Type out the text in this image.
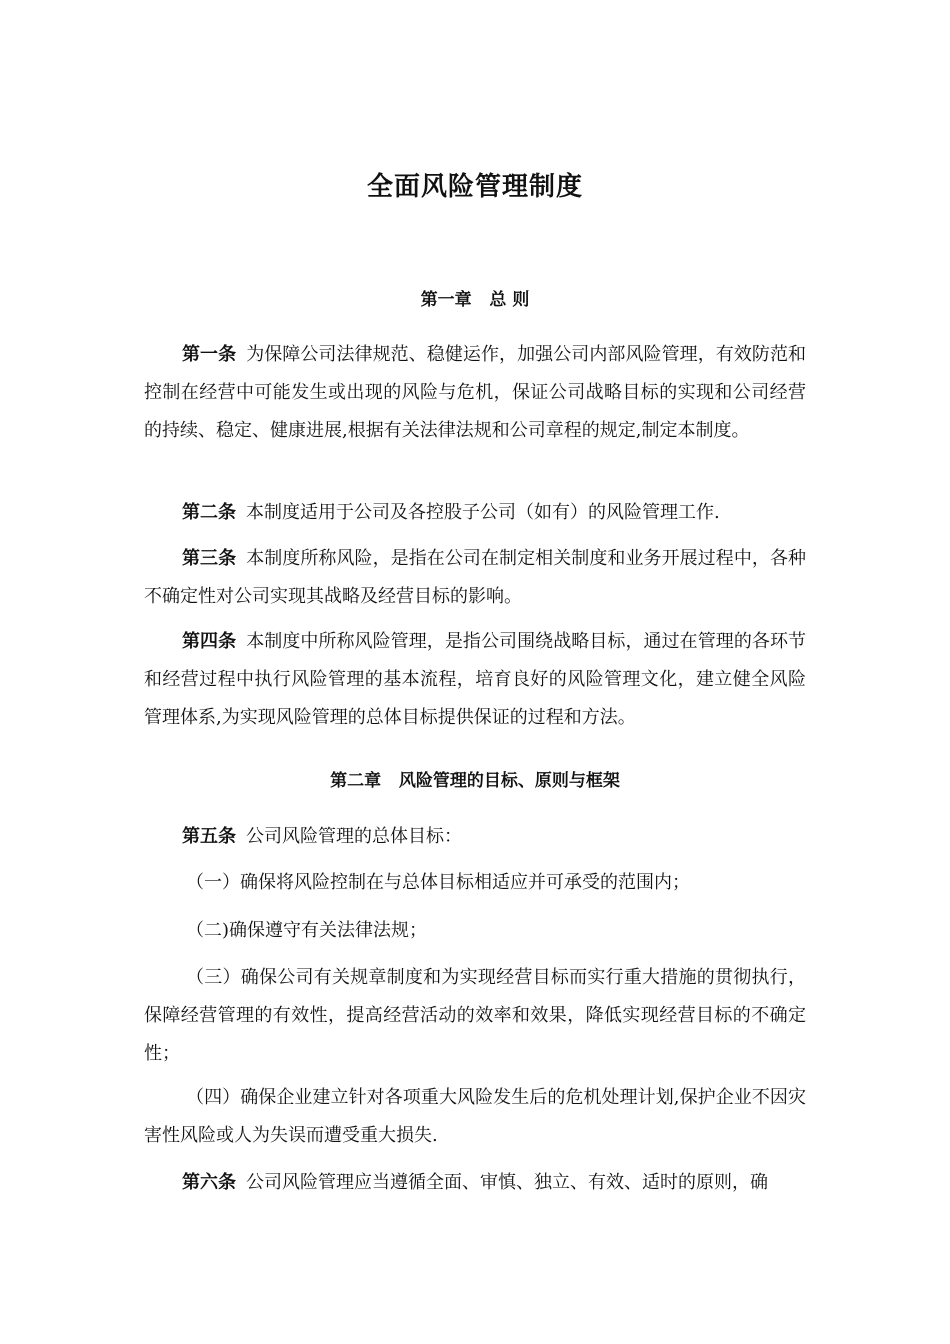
全面风险管理制度
第一章   总 则
第一条 为保障公司法律规范、稳健运作，加强公司内部风险管理，有效防范和控制在经营中可能发生或出现的风险与危机，保证公司战略目标的实现和公司经营的持续、稳定、健康进展,根据有关法律法规和公司章程的规定,制定本制度。
第二条 本制度适用于公司及各控股子公司（如有）的风险管理工作.
第三条 本制度所称风险，是指在公司在制定相关制度和业务开展过程中，各种不确定性对公司实现其战略及经营目标的影响。
第四条 本制度中所称风险管理，是指公司围绕战略目标，通过在管理的各环节和经营过程中执行风险管理的基本流程，培育良好的风险管理文化，建立健全风险管理体系,为实现风险管理的总体目标提供保证的过程和方法。
第二章   风险管理的目标、原则与框架
第五条 公司风险管理的总体目标：
（一）确保将风险控制在与总体目标相适应并可承受的范围内；
（二)确保遵守有关法律法规；
（三）确保公司有关规章制度和为实现经营目标而实行重大措施的贯彻执行，保障经营管理的有效性，提高经营活动的效率和效果，降低实现经营目标的不确定性；
（四）确保企业建立针对各项重大风险发生后的危机处理计划,保护企业不因灾害性风险或人为失误而遭受重大损失.
第六条 公司风险管理应当遵循全面、审慎、独立、有效、适时的原则，确
